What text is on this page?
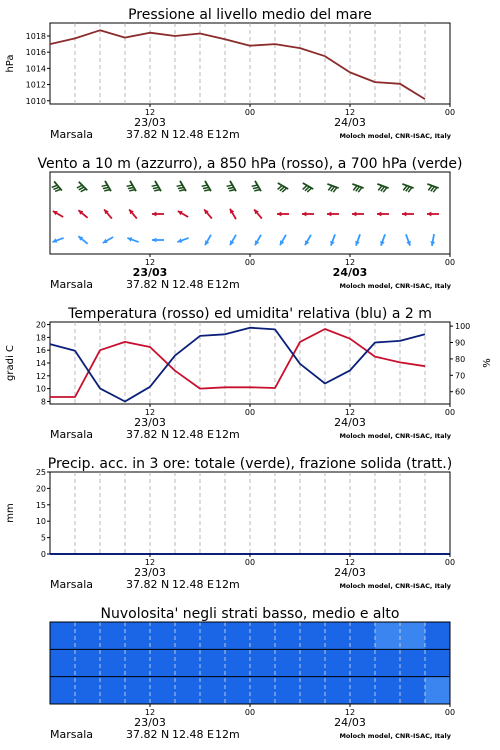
Pressione al livello medio del mare
1010
1012
1014
1016
1018
hPa
12	00	12	00
23/03	24/03
Marsala	37.82 N 12.48 E 12m	Moloch model, CNR-ISAC, Italy
Vento a 10 m (azzurro), a 850 hPa (rosso), a 700 hPa (verde)
12	00	12	00
23/03	24/03
Marsala	37.82 N 12.48 E 12m	Moloch model, CNR-ISAC, Italy
Temperatura (rosso) ed umidita' relativa (blu) a 2 m
8
10
12
14
16
18
20
60
70
80
90
100
gradi C	%
12	00	12	00
23/03	24/03
Marsala	37.82 N 12.48 E 12m	Moloch model, CNR-ISAC, Italy
Precip. acc. in 3 ore: totale (verde), frazione solida (tratt.)
0
5
10
15
20
25
mm
12	00	12	00
23/03	24/03
Marsala	37.82 N 12.48 E 12m	Moloch model, CNR-ISAC, Italy
Nuvolosita' negli strati basso, medio e alto
12	00	12	00
23/03	24/03
Marsala	37.82 N 12.48 E 12m	Moloch model, CNR-ISAC, Italy
